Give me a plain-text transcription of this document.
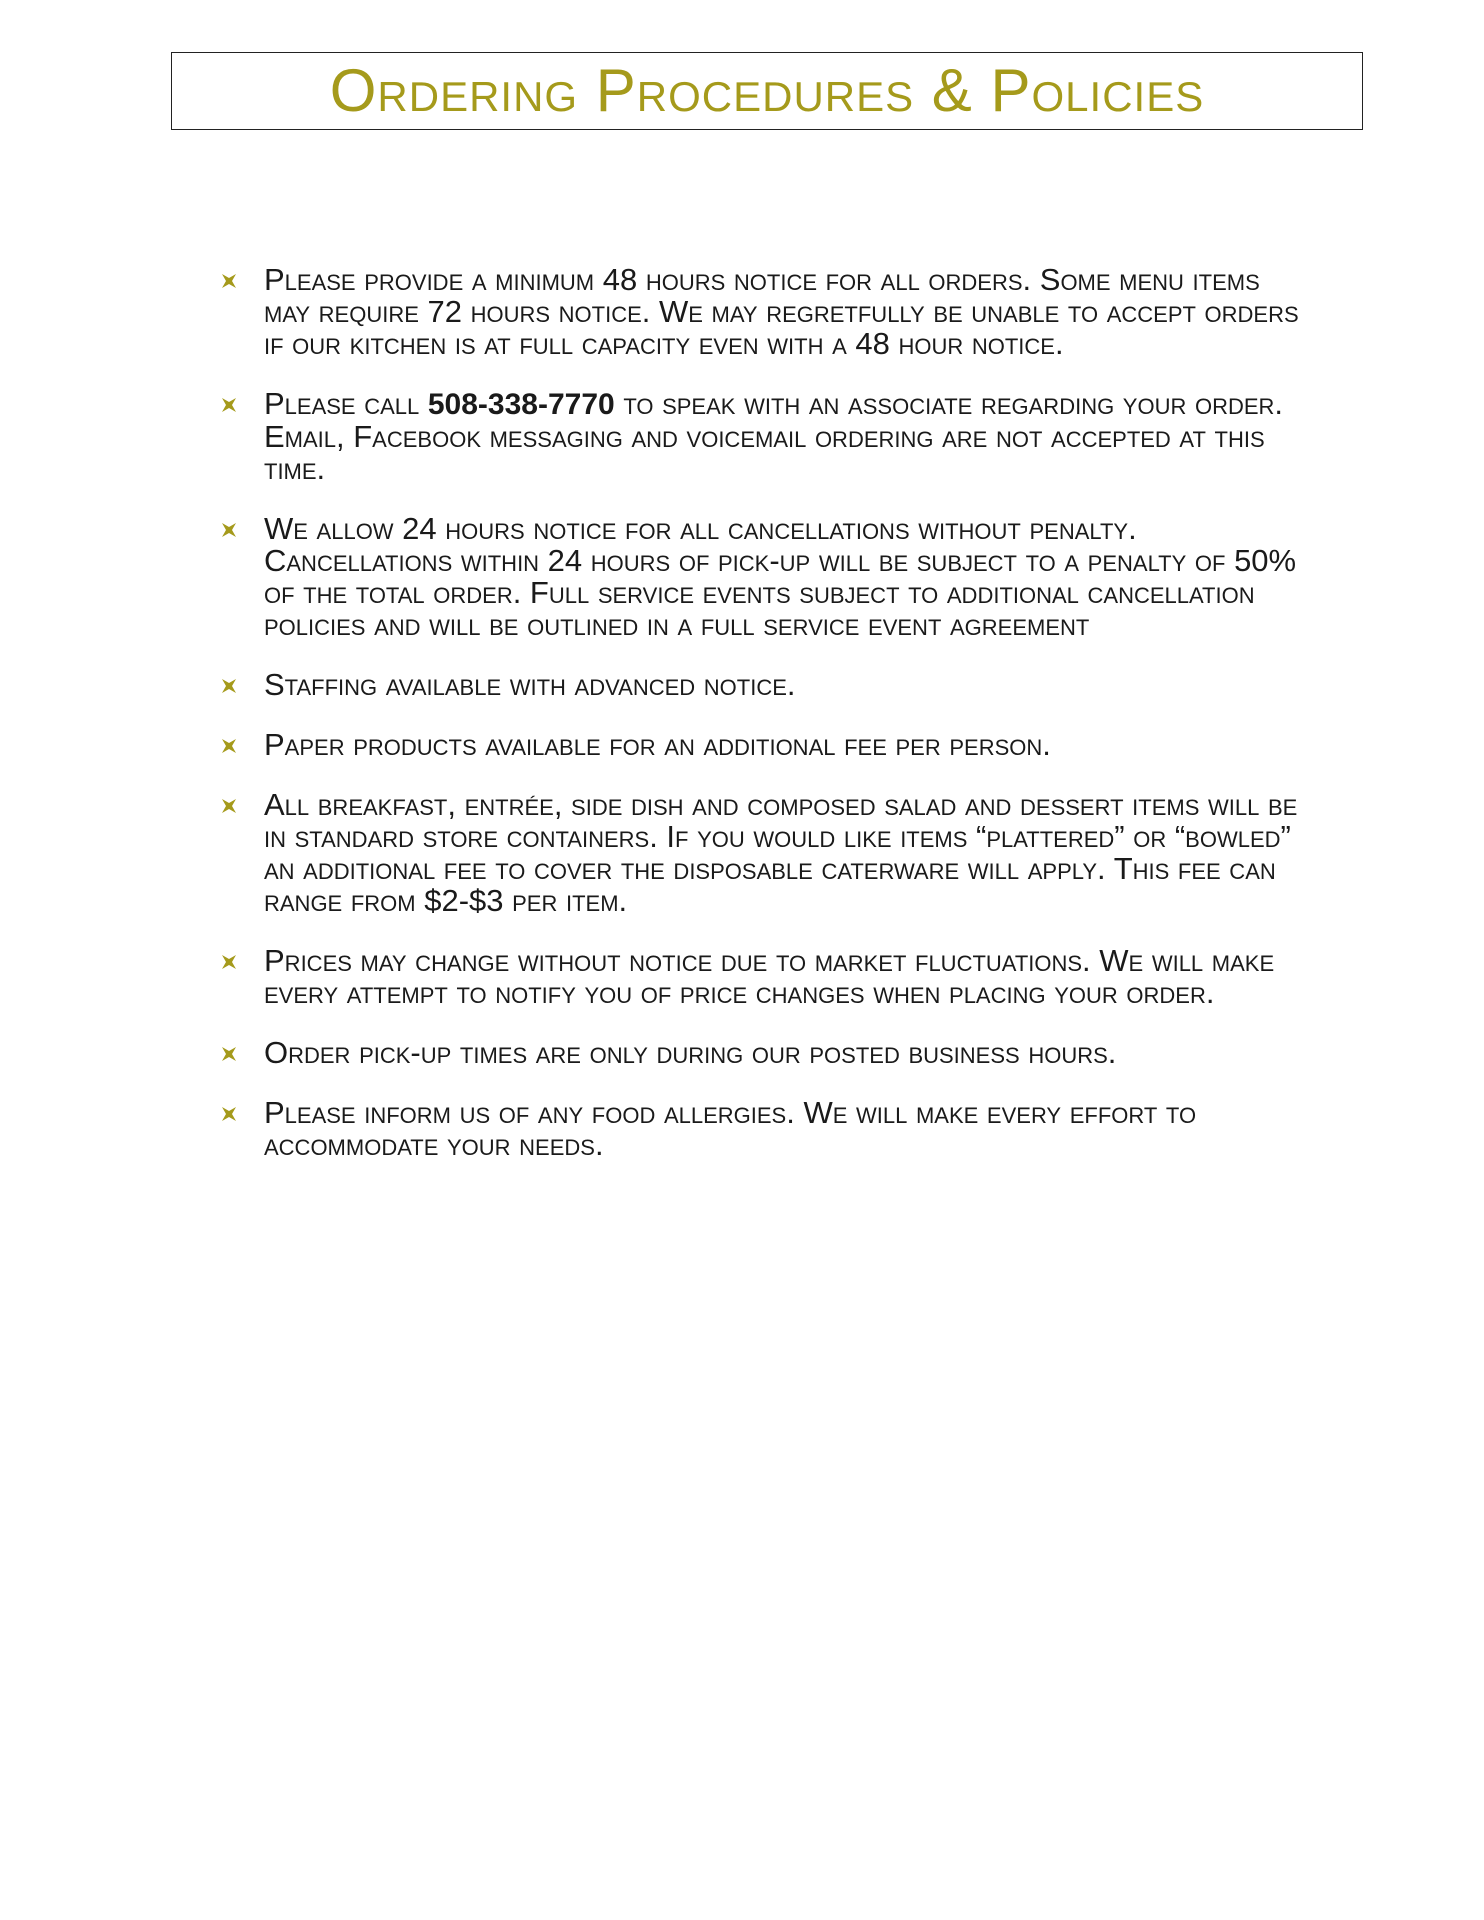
Ordering Procedures & Policies
Please provide a minimum 48 hours notice for all orders. Some menu items may require 72 hours notice. We may regretfully be unable to accept orders if our kitchen is at full capacity even with a 48 hour notice.
Please call 508-338-7770 to speak with an associate regarding your order. Email, Facebook messaging and voicemail ordering are not accepted at this time.
We allow 24 hours notice for all cancellations without penalty. Cancellations within 24 hours of pick-up will be subject to a penalty of 50% of the total order. Full service events subject to additional cancellation policies and will be outlined in a full service event agreement
Staffing available with advanced notice.
Paper products available for an additional fee per person.
All breakfast, entrée, side dish and composed salad and dessert items will be in standard store containers. If you would like items “plattered” or “bowled” an additional fee to cover the disposable caterware will apply. This fee can range from $2-$3 per item.
Prices may change without notice due to market fluctuations. We will make every attempt to notify you of price changes when placing your order.
Order pick-up times are only during our posted business hours.
Please inform us of any food allergies. We will make every effort to accommodate your needs.
